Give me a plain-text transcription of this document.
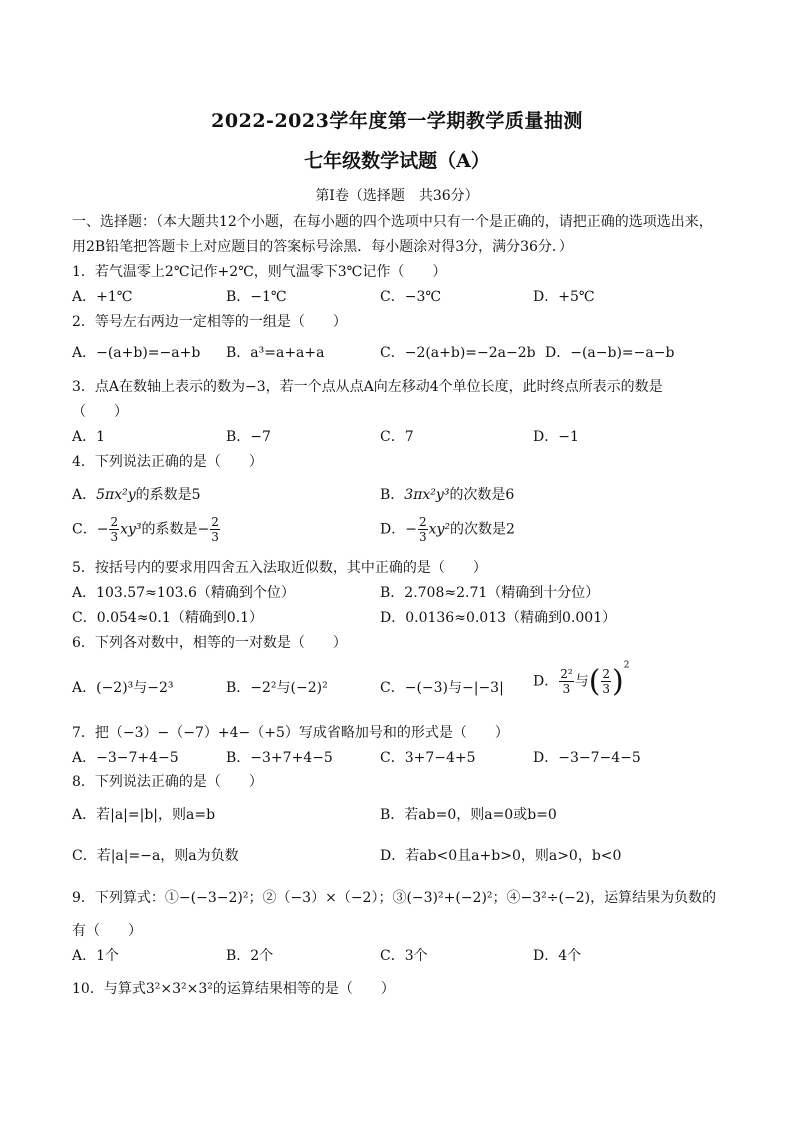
2022-2023学年度第一学期教学质量抽测
七年级数学试题（A）
第Ⅰ卷（选择题　共36分）
一、选择题：（本大题共12个小题，在每小题的四个选项中只有一个是正确的，请把正确的选项选出来，
用2B铅笔把答题卡上对应题目的答案标号涂黑．每小题涂对得3分，满分36分．）
1．若气温零上2℃记作+2℃，则气温零下3℃记作（　　）
A．+1℃	B．−1℃	C．−3℃	D．+5℃
2．等号左右两边一定相等的一组是（　　）
A．−(a+b)=−a+b B．a³=a+a+a	C．−2(a+b)=−2a−2b D．−(a−b)=−a−b
3．点A在数轴上表示的数为−3，若一个点从点A向左移动4个单位长度，此时终点所表示的数是
（　　）
A．1	B．−7	C．7	D．−1
4．下列说法正确的是（　　）
A．5πx²y的系数是5	B．3πx²y³的次数是6
C．− $\frac{2}{3} xy^3$的系数是− $\frac{2}{3}$	D．− $\frac{2}{3} xy^2$的次数是2
5．按括号内的要求用四舍五入法取近似数，其中正确的是（　　）
A．103.57≈103.6（精确到个位）	B．2.708≈2.71（精确到十分位）
C．0.054≈0.1（精确到0.1）	D．0.0136≈0.013（精确到0.001）
6．下列各对数中，相等的一对数是（　　）
A．(−2)³与−2³	B．−2²与(−2)²	C．−(−3)与−|−3| D． $\frac{\text{2²}}{3}$ 与( $\frac{2}{3} )^2$
7．把（−3）−（−7）+4−（+5）写成省略加号和的形式是（　　）
A．−3−7+4−5	B．−3+7+4−5	C．3+7−4+5	D．−3−7−4−5
8．下列说法正确的是（　　）
A．若|a|=|b|，则a=b	B．若ab=0，则a=0或b=0
C．若|a|=−a，则a为负数	D．若ab<0且a+b>0，则a>0，b<0
9．下列算式：①−(−3−2)²；②（−3）×（−2）；③(−3)²+(−2)²；④−3²÷(−2)，运算结果为负数的
有（　　）
A．1个	B．2个	C．3个	D．4个
10．与算式3²×3²×3²的运算结果相等的是（　　）
